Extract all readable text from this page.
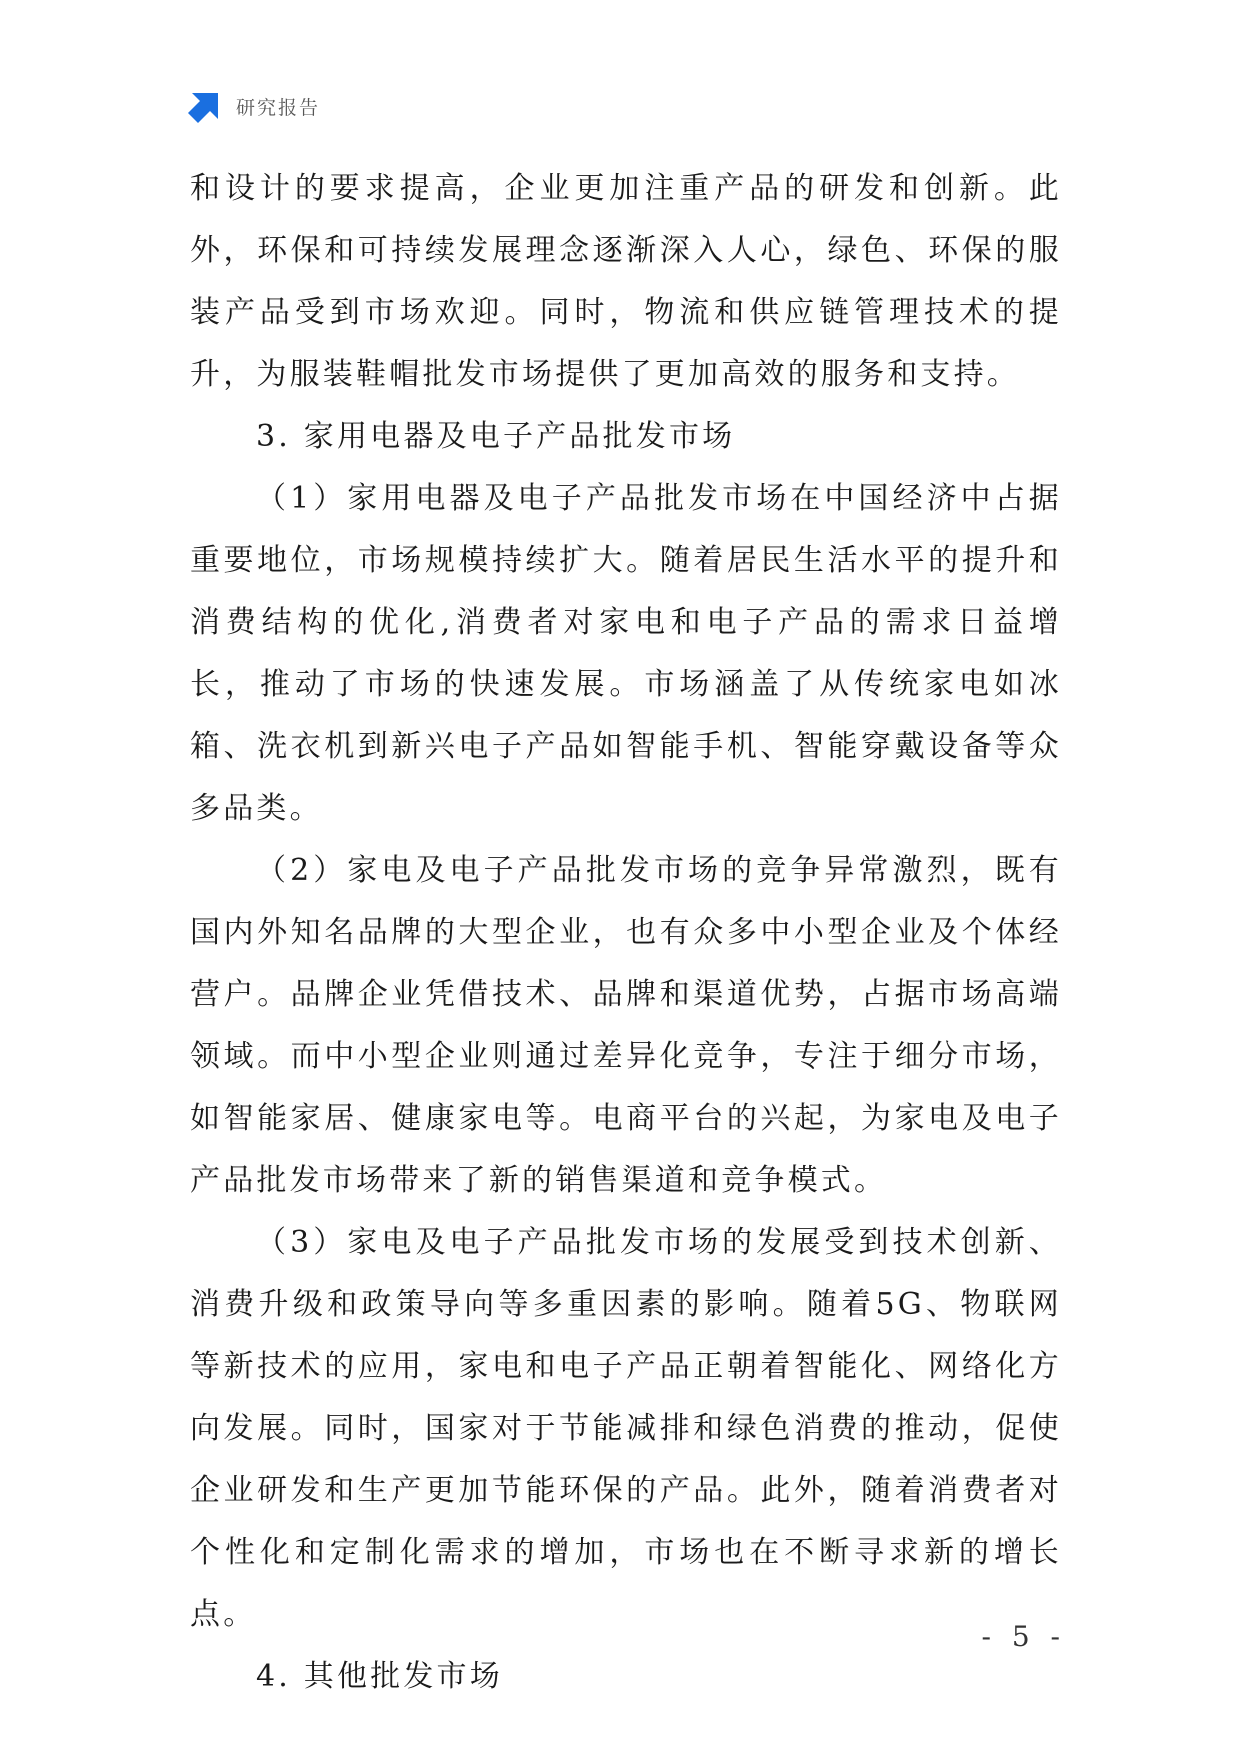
研究报告

和设计的要求提高，企业更加注重产品的研发和创新。此外，环保和可持续发展理念逐渐深入人心，绿色、环保的服装产品受到市场欢迎。同时，物流和供应链管理技术的提升，为服装鞋帽批发市场提供了更加高效的服务和支持。

3. 家用电器及电子产品批发市场

（1）家用电器及电子产品批发市场在中国经济中占据重要地位，市场规模持续扩大。随着居民生活水平的提升和消费结构的优化,消费者对家电和电子产品的需求日益增长，推动了市场的快速发展。市场涵盖了从传统家电如冰箱、洗衣机到新兴电子产品如智能手机、智能穿戴设备等众多品类。

（2）家电及电子产品批发市场的竞争异常激烈，既有国内外知名品牌的大型企业，也有众多中小型企业及个体经营户。品牌企业凭借技术、品牌和渠道优势，占据市场高端领域。而中小型企业则通过差异化竞争，专注于细分市场，如智能家居、健康家电等。电商平台的兴起，为家电及电子产品批发市场带来了新的销售渠道和竞争模式。

（3）家电及电子产品批发市场的发展受到技术创新、消费升级和政策导向等多重因素的影响。随着5G、物联网等新技术的应用，家电和电子产品正朝着智能化、网络化方向发展。同时，国家对于节能减排和绿色消费的推动，促使企业研发和生产更加节能环保的产品。此外，随着消费者对个性化和定制化需求的增加，市场也在不断寻求新的增长点。

4. 其他批发市场

- 5 -
